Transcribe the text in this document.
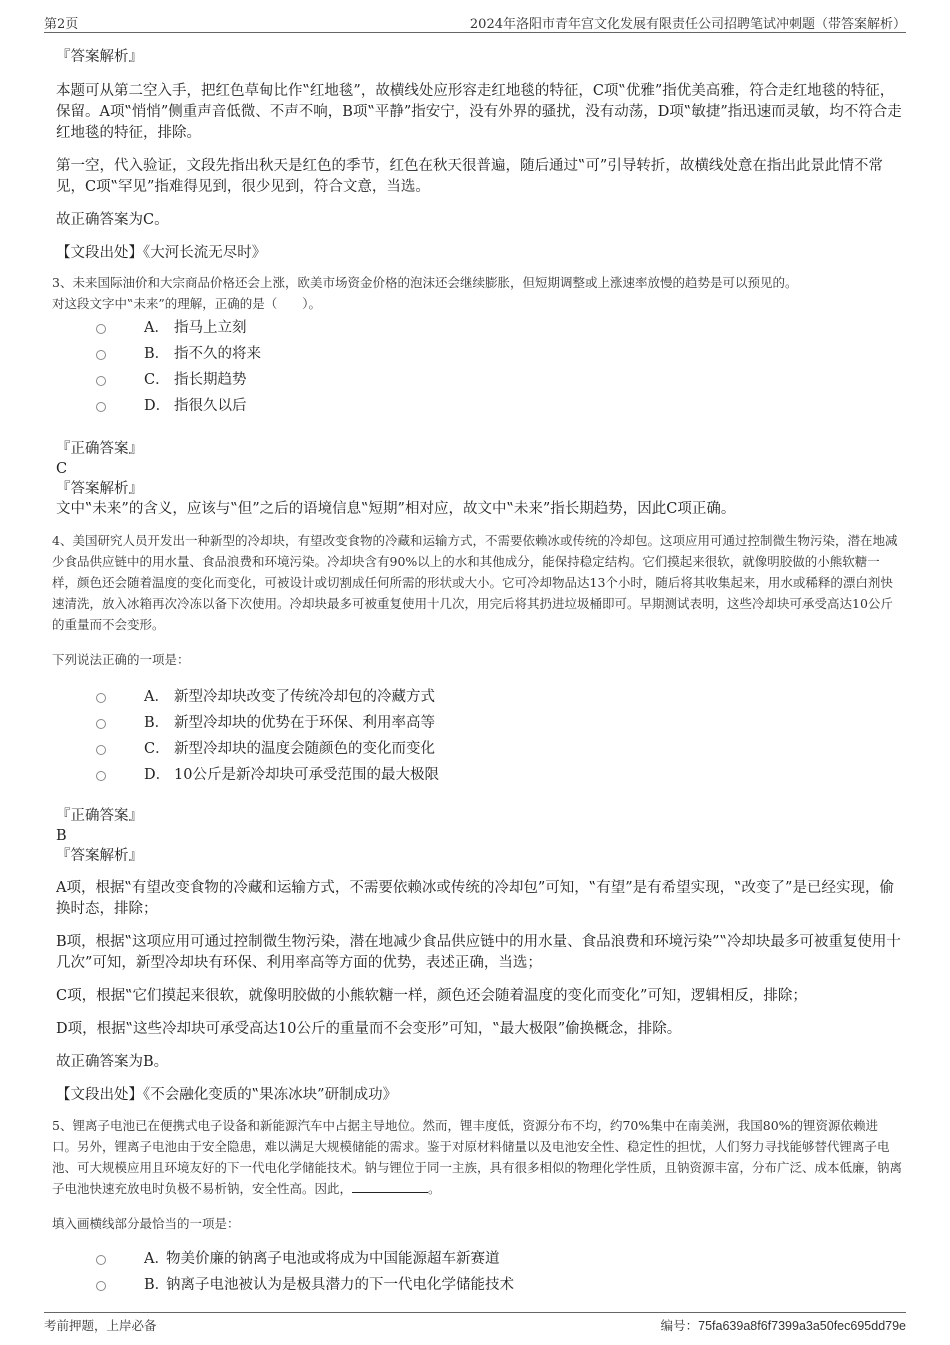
第2页	2024年洛阳市青年宫文化发展有限责任公司招聘笔试冲刺题（带答案解析）

『答案解析』

本题可从第二空入手，把红色草甸比作‟红地毯”，故横线处应形容走红地毯的特征，C项‟优雅”指优美高雅，符合走红地毯的特征，保留。A项‟悄悄”侧重声音低微、不声不响，B项‟平静”指安宁，没有外界的骚扰，没有动荡，D项‟敏捷”指迅速而灵敏，均不符合走红地毯的特征，排除。

第一空，代入验证，文段先指出秋天是红色的季节，红色在秋天很普遍，随后通过‟可”引导转折，故横线处意在指出此景此情不常见，C项‟罕见”指难得见到，很少见到，符合文意，当选。

故正确答案为C。

【文段出处】《大河长流无尽时》

3、未来国际油价和大宗商品价格还会上涨，欧美市场资金价格的泡沫还会继续膨胀，但短期调整或上涨速率放慢的趋势是可以预见的。

对这段文字中‟未来”的理解，正确的是（　　）。

A． 指马上立刻
B． 指不久的将来
C． 指长期趋势
D． 指很久以后

『正确答案』

C

『答案解析』

文中‟未来”的含义，应该与‟但”之后的语境信息‟短期”相对应，故文中‟未来”指长期趋势，因此C项正确。

4、美国研究人员开发出一种新型的冷却块，有望改变食物的冷藏和运输方式，不需要依赖冰或传统的冷却包。这项应用可通过控制微生物污染，潜在地减少食品供应链中的用水量、食品浪费和环境污染。冷却块含有90%以上的水和其他成分，能保持稳定结构。它们摸起来很软，就像明胶做的小熊软糖一样，颜色还会随着温度的变化而变化，可被设计或切割成任何所需的形状或大小。它可冷却物品达13个小时，随后将其收集起来，用水或稀释的漂白剂快速清洗，放入冰箱再次冷冻以备下次使用。冷却块最多可被重复使用十几次，用完后将其扔进垃圾桶即可。早期测试表明，这些冷却块可承受高达10公斤的重量而不会变形。

下列说法正确的一项是：

A． 新型冷却块改变了传统冷却包的冷藏方式
B． 新型冷却块的优势在于环保、利用率高等
C． 新型冷却块的温度会随颜色的变化而变化
D． 10公斤是新冷却块可承受范围的最大极限

『正确答案』

B

『答案解析』

A项，根据‟有望改变食物的冷藏和运输方式，不需要依赖冰或传统的冷却包”可知，‟有望”是有希望实现，‟改变了”是已经实现，偷换时态，排除；

B项，根据‟这项应用可通过控制微生物污染，潜在地减少食品供应链中的用水量、食品浪费和环境污染”‟冷却块最多可被重复使用十几次”可知，新型冷却块有环保、利用率高等方面的优势，表述正确，当选；

C项，根据‟它们摸起来很软，就像明胶做的小熊软糖一样，颜色还会随着温度的变化而变化”可知，逻辑相反，排除；

D项，根据‟这些冷却块可承受高达10公斤的重量而不会变形”可知，‟最大极限”偷换概念，排除。

故正确答案为B。

【文段出处】《不会融化变质的‟果冻冰块”研制成功》

5、锂离子电池已在便携式电子设备和新能源汽车中占据主导地位。然而，锂丰度低，资源分布不均，约70%集中在南美洲，我国80%的锂资源依赖进口。另外，锂离子电池由于安全隐患，难以满足大规模储能的需求。鉴于对原材料储量以及电池安全性、稳定性的担忧，人们努力寻找能够替代锂离子电池、可大规模应用且环境友好的下一代电化学储能技术。钠与锂位于同一主族，具有很多相似的物理化学性质，且钠资源丰富，分布广泛、成本低廉，钠离子电池快速充放电时负极不易析钠，安全性高。因此，	。

填入画横线部分最恰当的一项是：

A．物美价廉的钠离子电池或将成为中国能源超车新赛道
B．钠离子电池被认为是极具潜力的下一代电化学储能技术
考前押题，上岸必备	编号：75fa639a8f6f7399a3a50fec695dd79e
